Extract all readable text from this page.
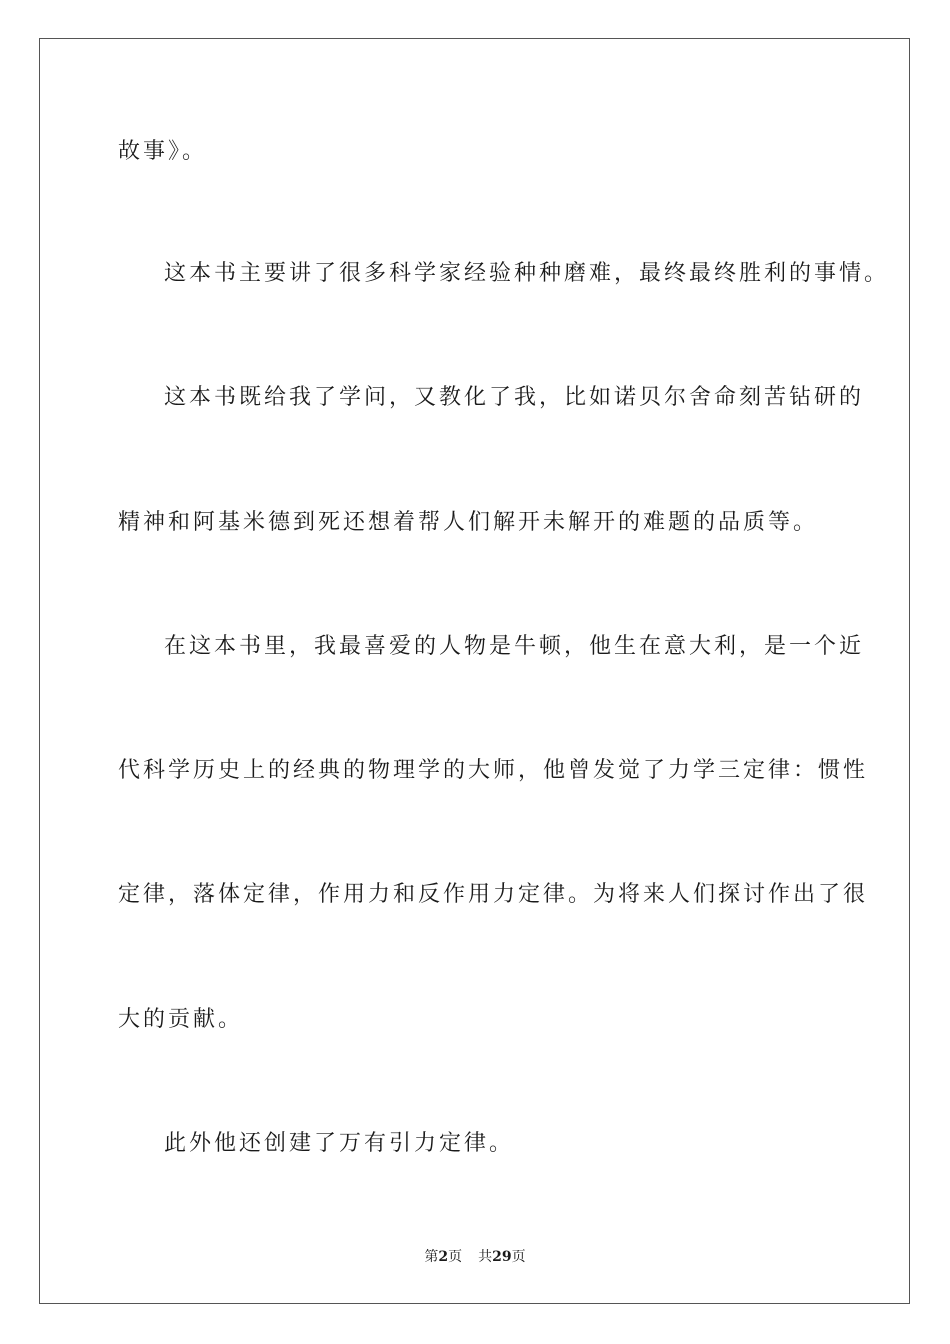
故事》。
这本书主要讲了很多科学家经验种种磨难，最终最终胜利的事情。
这本书既给我了学问，又教化了我，比如诺贝尔舍命刻苦钻研的
精神和阿基米德到死还想着帮人们解开未解开的难题的品质等。
在这本书里，我最喜爱的人物是牛顿，他生在意大利，是一个近
代科学历史上的经典的物理学的大师，他曾发觉了力学三定律：惯性
定律，落体定律，作用力和反作用力定律。为将来人们探讨作出了很
大的贡献。
此外他还创建了万有引力定律。
第2页 共29页
